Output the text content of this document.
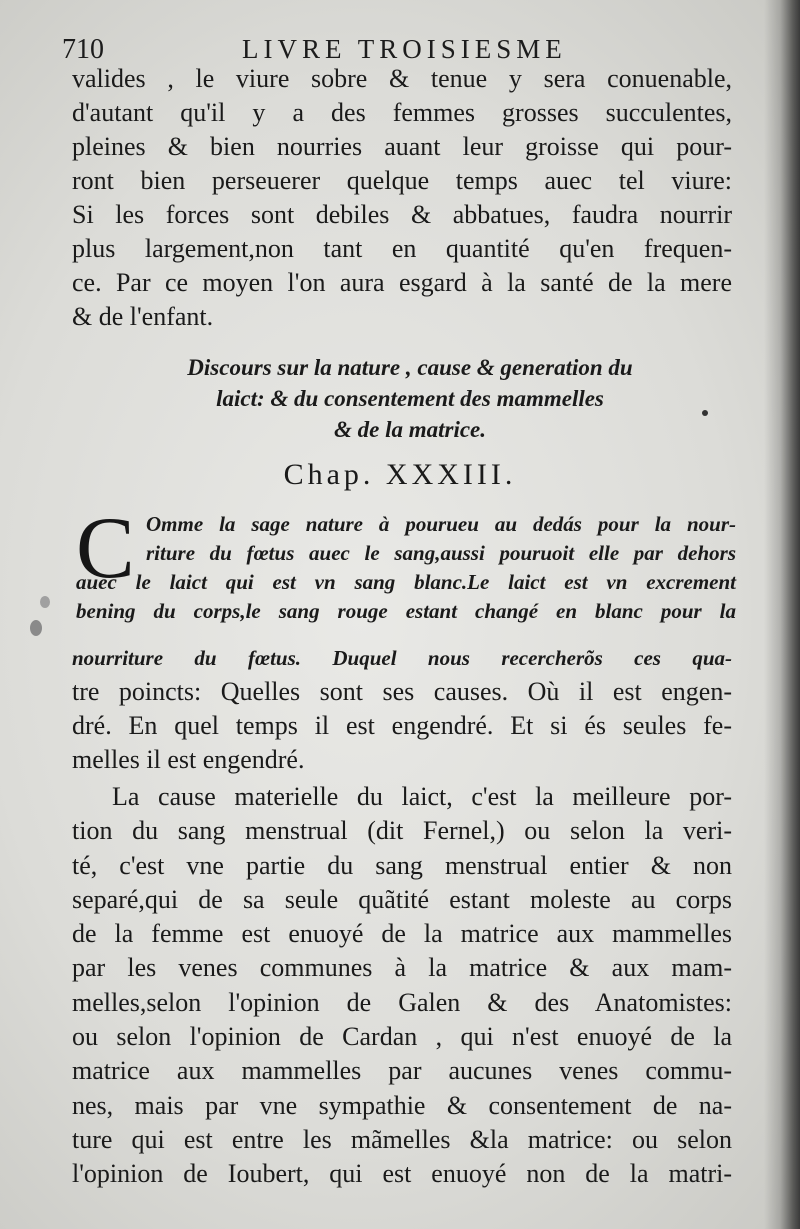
710	LIVRE TROISIESME
valides , le viure sobre & tenue y sera conuenable,
d'autant qu'il y a des femmes grosses succulentes,
pleines & bien nourries auant leur groisse qui pour-
ront bien perseuerer quelque temps auec tel viure:
Si les forces sont debiles & abbatues, faudra nourrir
plus largement,non tant en quantité qu'en frequen-
ce. Par ce moyen l'on aura esgard à la santé de la mere
& de l'enfant.
Discours sur la nature , cause & generation du
laict: & du consentement des mammelles
& de la matrice.
Chap. XXXIII.
C Omme la sage nature à pourueu au dedás pour la nour-
riture du fœtus auec le sang,aussi pouruoit elle par dehors
auec le laict qui est vn sang blanc.Le laict est vn excrement
bening du corps,le sang rouge estant changé en blanc pour la
nourriture du fœtus. Duquel nous recercherõs ces qua-
tre poincts: Quelles sont ses causes. Où il est engen-
dré. En quel temps il est engendré. Et si és seules fe-
melles il est engendré.
La cause materielle du laict, c'est la meilleure por-
tion du sang menstrual (dit Fernel,) ou selon la veri-
té, c'est vne partie du sang menstrual entier & non
separé,qui de sa seule quãtité estant moleste au corps
de la femme est enuoyé de la matrice aux mammelles
par les venes communes à la matrice & aux mam-
melles,selon l'opinion de Galen & des Anatomistes:
ou selon l'opinion de Cardan , qui n'est enuoyé de la
matrice aux mammelles par aucunes venes commu-
nes, mais par vne sympathie & consentement de na-
ture qui est entre les mãmelles &la matrice: ou selon
l'opinion de Ioubert, qui est enuoyé non de la matri-
